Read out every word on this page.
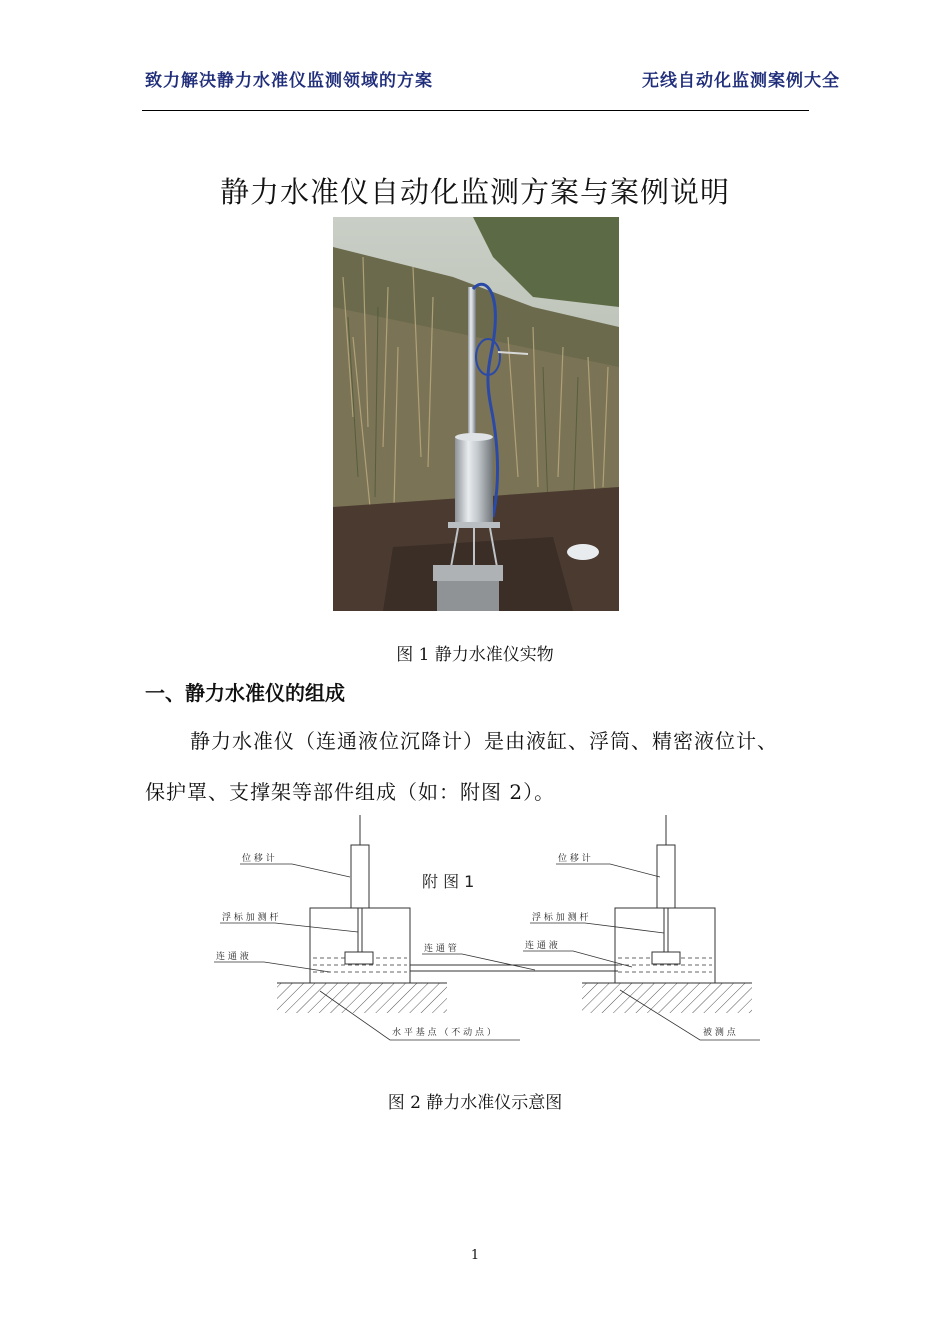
致力解决静力水准仪监测领域的方案	无线自动化监测案例大全
静力水准仪自动化监测方案与案例说明
图 1 静力水准仪实物
一、静力水准仪的组成
静力水准仪（连通液位沉降计）是由液缸、浮筒、精密液位计、
保护罩、支撑架等部件组成（如：附图 2）。
附 图 1
位 移 计	位 移 计
浮 标 加 测 杆	浮 标 加 测 杆
连 通 液
连 通 液
连 通 管
水 平 基 点 （ 不 动 点 ）	被 测 点
图 2 静力水准仪示意图
1
